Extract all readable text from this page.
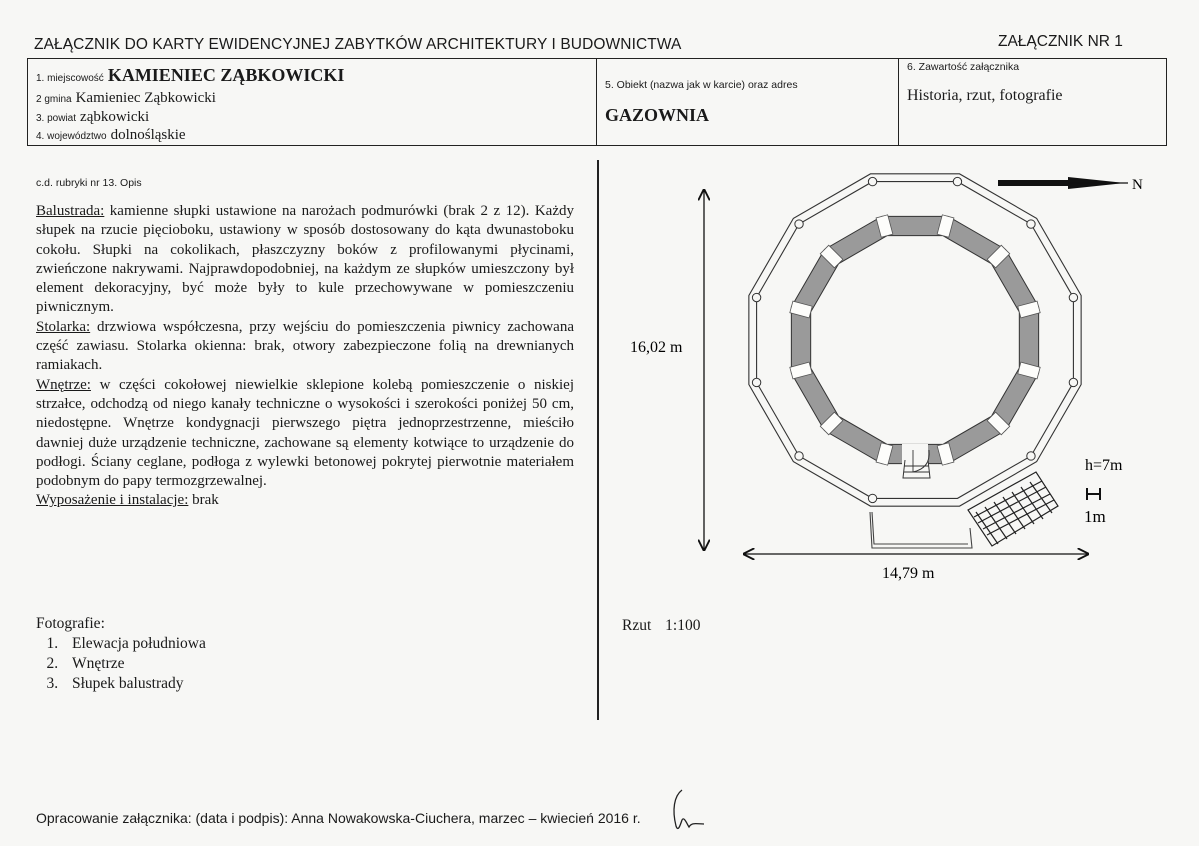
ZAŁĄCZNIK DO KARTY EWIDENCYJNEJ ZABYTKÓW ARCHITEKTURY I BUDOWNICTWA	ZAŁĄCZNIK NR 1
1. miejscowość KAMIENIEC ZĄBKOWICKI
2 gmina Kamieniec Ząbkowicki
3. powiat ząbkowicki
4. województwo dolnośląskie
5. Obiekt (nazwa jak w karcie) oraz adres
GAZOWNIA
6. Zawartość załącznika
Historia, rzut, fotografie
c.d. rubryki nr 13. Opis

Balustrada: kamienne słupki ustawione na narożach podmurówki (brak 2 z 12). Każdy słupek na rzucie pięcioboku, ustawiony w sposób dostosowany do kąta dwunastoboku cokołu. Słupki na cokolikach, płaszczyzny boków z profilowanymi płycinami, zwieńczone nakrywami. Najprawdopodobniej, na każdym ze słupków umieszczony był element dekoracyjny, być może były to kule przechowywane w pomieszczeniu piwnicznym.

Stolarka: drzwiowa współczesna, przy wejściu do pomieszczenia piwnicy zachowana część zawiasu. Stolarka okienna: brak, otwory zabezpieczone folią na drewnianych ramiakach.

Wnętrze: w części cokołowej niewielkie sklepione kolebą pomieszczenie o niskiej strzałce, odchodzą od niego kanały techniczne o wysokości i szerokości poniżej 50 cm, niedostępne. Wnętrze kondygnacji pierwszego piętra jednoprzestrzenne, mieściło dawniej duże urządzenie techniczne, zachowane są elementy kotwiące to urządzenie do podłogi. Ściany ceglane, podłoga z wylewki betonowej pokrytej pierwotnie materiałem podobnym do papy termozgrzewalnej.

Wyposażenie i instalacje: brak

Fotografie:
1. Elewacja południowa
2. Wnętrze
3. Słupek balustrady
N
16,02 m
14,79 m
h=7m
1m
Rzut 1:100
Opracowanie załącznika: (data i podpis): Anna Nowakowska-Ciuchera, marzec – kwiecień 2016 r.
